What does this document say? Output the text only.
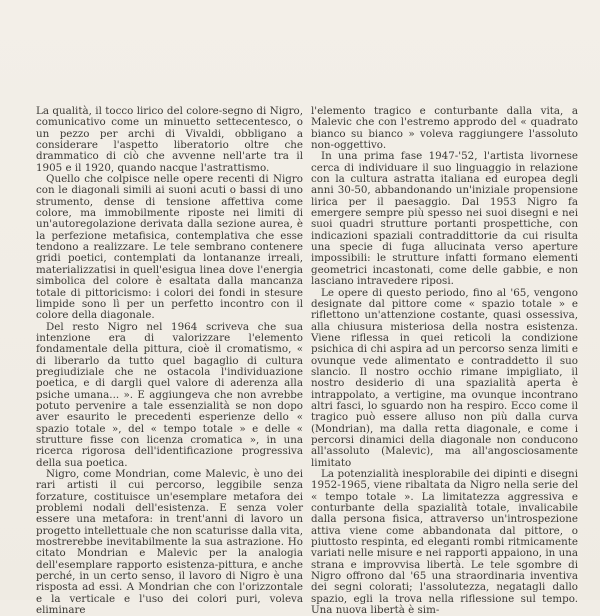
La qualità, il tocco lirico del colore-segno di Nigro, comunicativo come un minuetto settecentesco, o un pezzo per archi di Vivaldi, obbligano a considerare l'aspetto liberatorio oltre che drammatico di ciò che avvenne nell'arte tra il 1905 e il 1920, quando nacque l'astrattismo.

Quello che colpisce nelle opere recenti di Nigro con le diagonali simili ai suoni acuti o bassi di uno strumento, dense di tensione affettiva come colore, ma immobilmente riposte nei limiti di un'autoregolazione derivata dalla sezione aurea, è la perfezione metafisica, contemplativa che esse tendono a realizzare. Le tele sembrano contenere gridi poetici, contemplati da lontananze irreali, materializzatisi in quell'esigua linea dove l'energia simbolica del colore è esaltata dalla mancanza totale di pittoricismo: i colori dei fondi in stesure limpide sono lì per un perfetto incontro con il colore della diagonale.

Del resto Nigro nel 1964 scriveva che sua intenzione era di valorizzare l'elemento fondamentale della pittura, cioè il cromatismo, « di liberarlo da tutto quel bagaglio di cultura pregiudiziale che ne ostacola l'individuazione poetica, e di dargli quel valore di aderenza alla psiche umana... ». E aggiungeva che non avrebbe potuto pervenire a tale essenzialità se non dopo aver esaurito le precedenti esperienze dello « spazio totale », del « tempo totale » e delle « strutture fisse con licenza cromatica », in una ricerca rigorosa dell'identificazione progressiva della sua poetica.

Nigro, come Mondrian, come Malevic, è uno dei rari artisti il cui percorso, leggibile senza forzature, costituisce un'esemplare metafora dei problemi nodali dell'esistenza. E senza voler essere una metafora: in trent'anni di lavoro un progetto intellettuale che non scaturisse dalla vita, mostrerebbe inevitabilmente la sua astrazione. Ho citato Mondrian e Malevic per la analogia dell'esemplare rapporto esistenza-pittura, e anche perché, in un certo senso, il lavoro di Nigro è una risposta ad essi. A Mondrian che con l'orizzontale e la verticale e l'uso dei colori puri, voleva eliminare

l'elemento tragico e conturbante dalla vita, a Malevic che con l'estremo approdo del « quadrato bianco su bianco » voleva raggiungere l'assoluto non-oggettivo.

In una prima fase 1947-'52, l'artista livornese cerca di individuare il suo linguaggio in relazione con la cultura astratta italiana ed europea degli anni 30-50, abbandonando un'iniziale propensione lirica per il paesaggio. Dal 1953 Nigro fa emergere sempre più spesso nei suoi disegni e nei suoi quadri strutture portanti prospettiche, con indicazioni spaziali contraddittorie da cui risulta una specie di fuga allucinata verso aperture impossibili: le strutture infatti formano elementi geometrici incastonati, come delle gabbie, e non lasciano intravedere riposi.

Le opere di questo periodo, fino al '65, vengono designate dal pittore come « spazio totale » e riflettono un'attenzione costante, quasi ossessiva, alla chiusura misteriosa della nostra esistenza. Viene riflessa in quei reticoli la condizione psichica di chi aspira ad un percorso senza limiti e ovunque vede alimentato e contraddetto il suo slancio. Il nostro occhio rimane impigliato, il nostro desiderio di una spazialità aperta è intrappolato, a vertigine, ma ovunque incontrano altri fasci, lo sguardo non ha respiro. Ecco come il tragico può essere alluso non più dalla curva (Mondrian), ma dalla retta diagonale, e come i percorsi dinamici della diagonale non conducono all'assoluto (Malevic), ma all'angosciosamente limitato

La potenzialità inesplorabile dei dipinti e disegni 1952-1965, viene ribaltata da Nigro nella serie del « tempo totale ». La limitatezza aggressiva e conturbante della spazialità totale, invalicabile dalla persona fisica, attraverso un'introspezione attiva viene come abbandonata dal pittore, o piuttosto respinta, ed eleganti rombi ritmicamente variati nelle misure e nei rapporti appaiono, in una strana e improvvisa libertà. Le tele sgombre di Nigro offrono dal '65 una straordinaria inventiva dei segni colorati; l'assolutezza, negatagli dallo spazio, egli la trova nella riflessione sul tempo. Una nuova libertà è sim-
